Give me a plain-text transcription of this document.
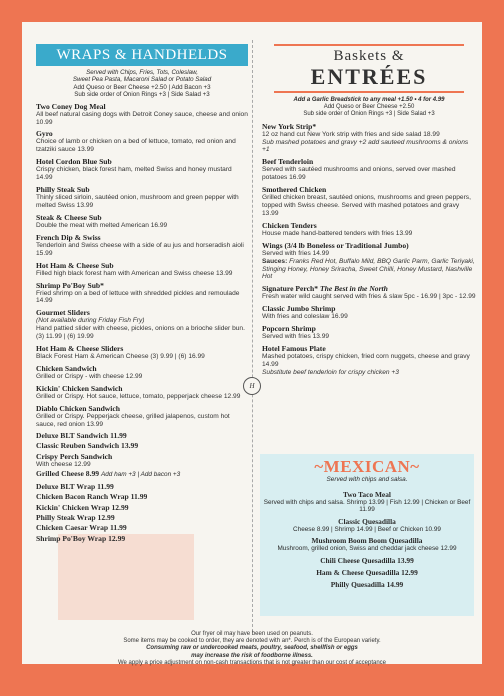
WRAPS & HANDHELDS
Served with Chips, Fries, Tots, Coleslaw,
Sweet Pea Pasta, Macaroni Salad or Potato Salad
Add Queso or Beer Cheese +2.50 | Add Bacon +3
Sub side order of Onion Rings +3 | Side Salad +3
Two Coney Dog Meal
All beef natural casing dogs with Detroit Coney sauce, cheese and onion 10.99
Gyro
Choice of lamb or chicken on a bed of lettuce, tomato, red onion and tzatziki sauce 13.99
Hotel Cordon Blue Sub
Crispy chicken, black forest ham, melted Swiss and honey mustard 14.99
Philly Steak Sub
Thinly sliced sirloin, sautéed onion, mushroom and green pepper with melted Swiss 13.99
Steak & Cheese Sub
Double the meat with melted American 16.99
French Dip & Swiss
Tenderloin and Swiss cheese with a side of au jus and horseradish aioli 15.99
Hot Ham & Cheese Sub
Filled high black forest ham with American and Swiss cheese 13.99
Shrimp Po'Boy Sub*
Fried shrimp on a bed of lettuce with shredded pickles and remoulade 14.99
Gourmet Sliders
(Not available during Friday Fish Fry)
Hand pattied slider with cheese, pickles, onions on a brioche slider bun. (3) 11.99 | (6) 19.99
Hot Ham & Cheese Sliders
Black Forest Ham & American Cheese (3) 9.99 | (6) 16.99
Chicken Sandwich
Grilled or Crispy - with cheese 12.99
Kickin' Chicken Sandwich
Grilled or Crispy. Hot sauce, lettuce, tomato, pepperjack cheese 12.99
Diablo Chicken Sandwich
Grilled or Crispy. Pepperjack cheese, grilled jalapenos, custom hot sauce, red onion 13.99
Deluxe BLT Sandwich 11.99
Classic Reuben Sandwich 13.99
Crispy Perch Sandwich
With cheese 12.99
Grilled Cheese 8.99 Add ham +3 | Add bacon +3
Deluxe BLT Wrap 11.99
Chicken Bacon Ranch Wrap 11.99
Kickin' Chicken Wrap 12.99
Philly Steak Wrap 12.99
Chicken Caesar Wrap 11.99
Shrimp Po'Boy Wrap 12.99
Baskets &
ENTRÉES
Add a Garlic Breadstick to any meal +1.50 • 4 for 4.99
Add Queso or Beer Cheese +2.50
Sub side order of Onion Rings +3 | Side Salad +3
New York Strip*
12 oz hand cut New York strip with fries and side salad 18.99
Sub mashed potatoes and gravy +2 add sauteed mushrooms & onions +1
Beef Tenderloin
Served with sautéed mushrooms and onions, served over mashed potatoes 16.99
Smothered Chicken
Grilled chicken breast, sautéed onions, mushrooms and green peppers, topped with Swiss cheese. Served with mashed potatoes and gravy 13.99
Chicken Tenders
House made hand-battered tenders with fries 13.99
Wings (3/4 lb Boneless or Traditional Jumbo)
Served with fries 14.99
Sauces: Franks Red Hot, Buffalo Mild, BBQ Garlic Parm, Garlic Teriyaki, Stinging Honey, Honey Sriracha, Sweet Chilli, Honey Mustard, Nashville Hot
Signature Perch* The Best in the North
Fresh water wild caught served with fries & slaw 5pc - 16.99 | 3pc - 12.99
Classic Jumbo Shrimp
With fries and coleslaw 16.99
Popcorn Shrimp
Served with fries 13.99
Hotel Famous Plate
Mashed potatoes, crispy chicken, fried corn nuggets, cheese and gravy 14.99
Substitute beef tenderloin for crispy chicken +3
H
~MEXICAN~
Served with chips and salsa.
Two Taco Meal
Served with chips and salsa. Shrimp 13.99 | Fish 12.99 | Chicken or Beef 11.99
Classic Quesadilla
Cheese 8.99 | Shrimp 14.99 | Beef or Chicken 10.99
Mushroom Boom Boom Quesadilla
Mushroom, grilled onion, Swiss and cheddar jack cheese 12.99
Chili Cheese Quesadilla 13.99
Ham & Cheese Quesadilla 12.99
Philly Quesadilla 14.99
Our fryer oil may have been used on peanuts.
Some items may be cooked to order, they are denoted with an*. Perch is of the European variety.
Consuming raw or undercooked meats, poultry, seafood, shellfish or eggs
may increase the risk of foodborne illness.
We apply a price adjustment on non-cash transactions that is not greater than our cost of acceptance
